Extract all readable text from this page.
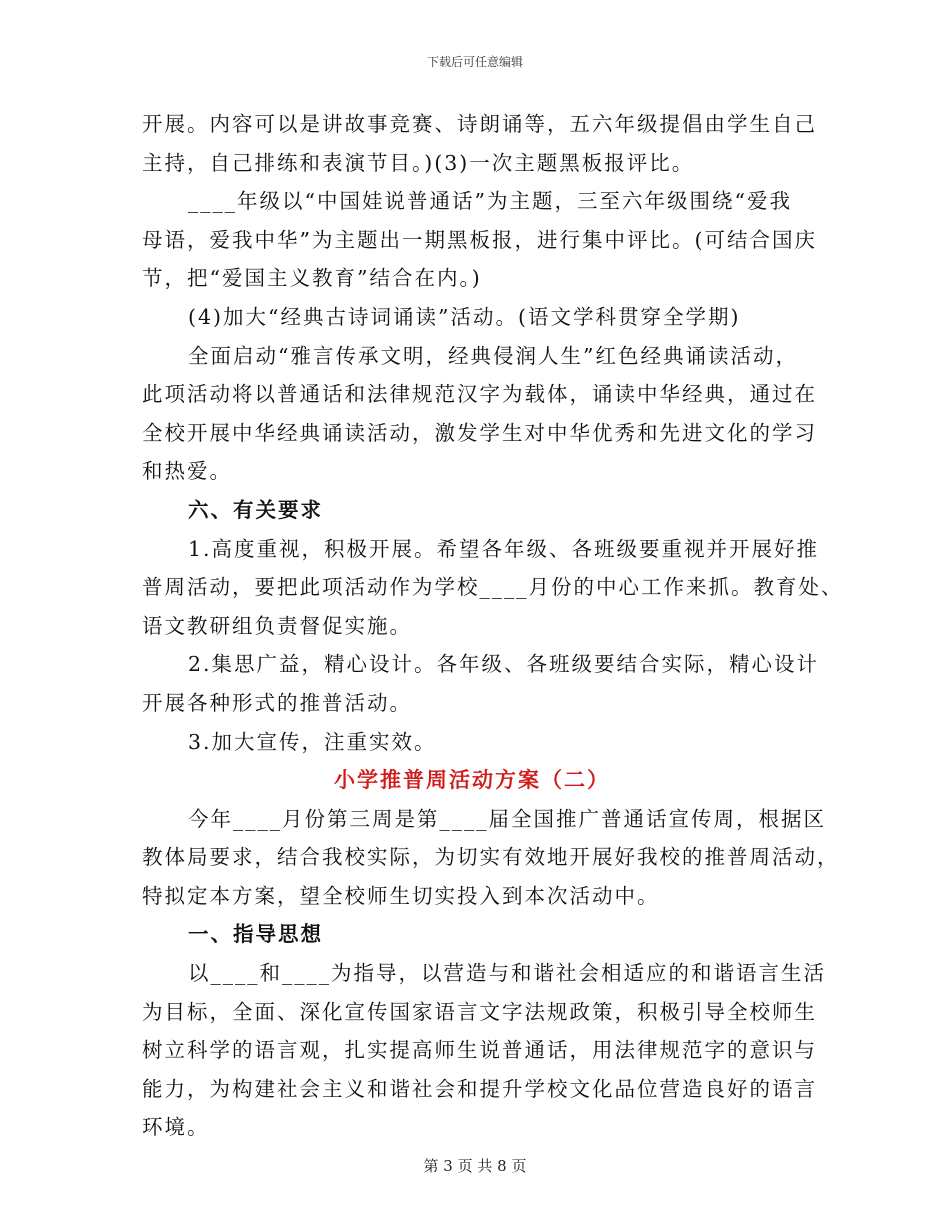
下载后可任意编辑
开展。内容可以是讲故事竞赛、诗朗诵等，五六年级提倡由学生自己
主持，自己排练和表演节目。)(3)一次主题黑板报评比。
____年级以“中国娃说普通话”为主题，三至六年级围绕“爱我
母语，爱我中华”为主题出一期黑板报，进行集中评比。(可结合国庆
节，把“爱国主义教育”结合在内。)
(4)加大“经典古诗词诵读”活动。(语文学科贯穿全学期)
全面启动“雅言传承文明，经典侵润人生”红色经典诵读活动，
此项活动将以普通话和法律规范汉字为载体，诵读中华经典，通过在
全校开展中华经典诵读活动，激发学生对中华优秀和先进文化的学习
和热爱。
六、有关要求
1.高度重视，积极开展。希望各年级、各班级要重视并开展好推
普周活动，要把此项活动作为学校____月份的中心工作来抓。教育处、
语文教研组负责督促实施。
2.集思广益，精心设计。各年级、各班级要结合实际，精心设计
开展各种形式的推普活动。
3.加大宣传，注重实效。
小学推普周活动方案（二）
今年____月份第三周是第____届全国推广普通话宣传周，根据区
教体局要求，结合我校实际，为切实有效地开展好我校的推普周活动，
特拟定本方案，望全校师生切实投入到本次活动中。
一、指导思想
以____和____为指导，以营造与和谐社会相适应的和谐语言生活
为目标，全面、深化宣传国家语言文字法规政策，积极引导全校师生
树立科学的语言观，扎实提高师生说普通话，用法律规范字的意识与
能力，为构建社会主义和谐社会和提升学校文化品位营造良好的语言
环境。
第 3 页 共 8 页
